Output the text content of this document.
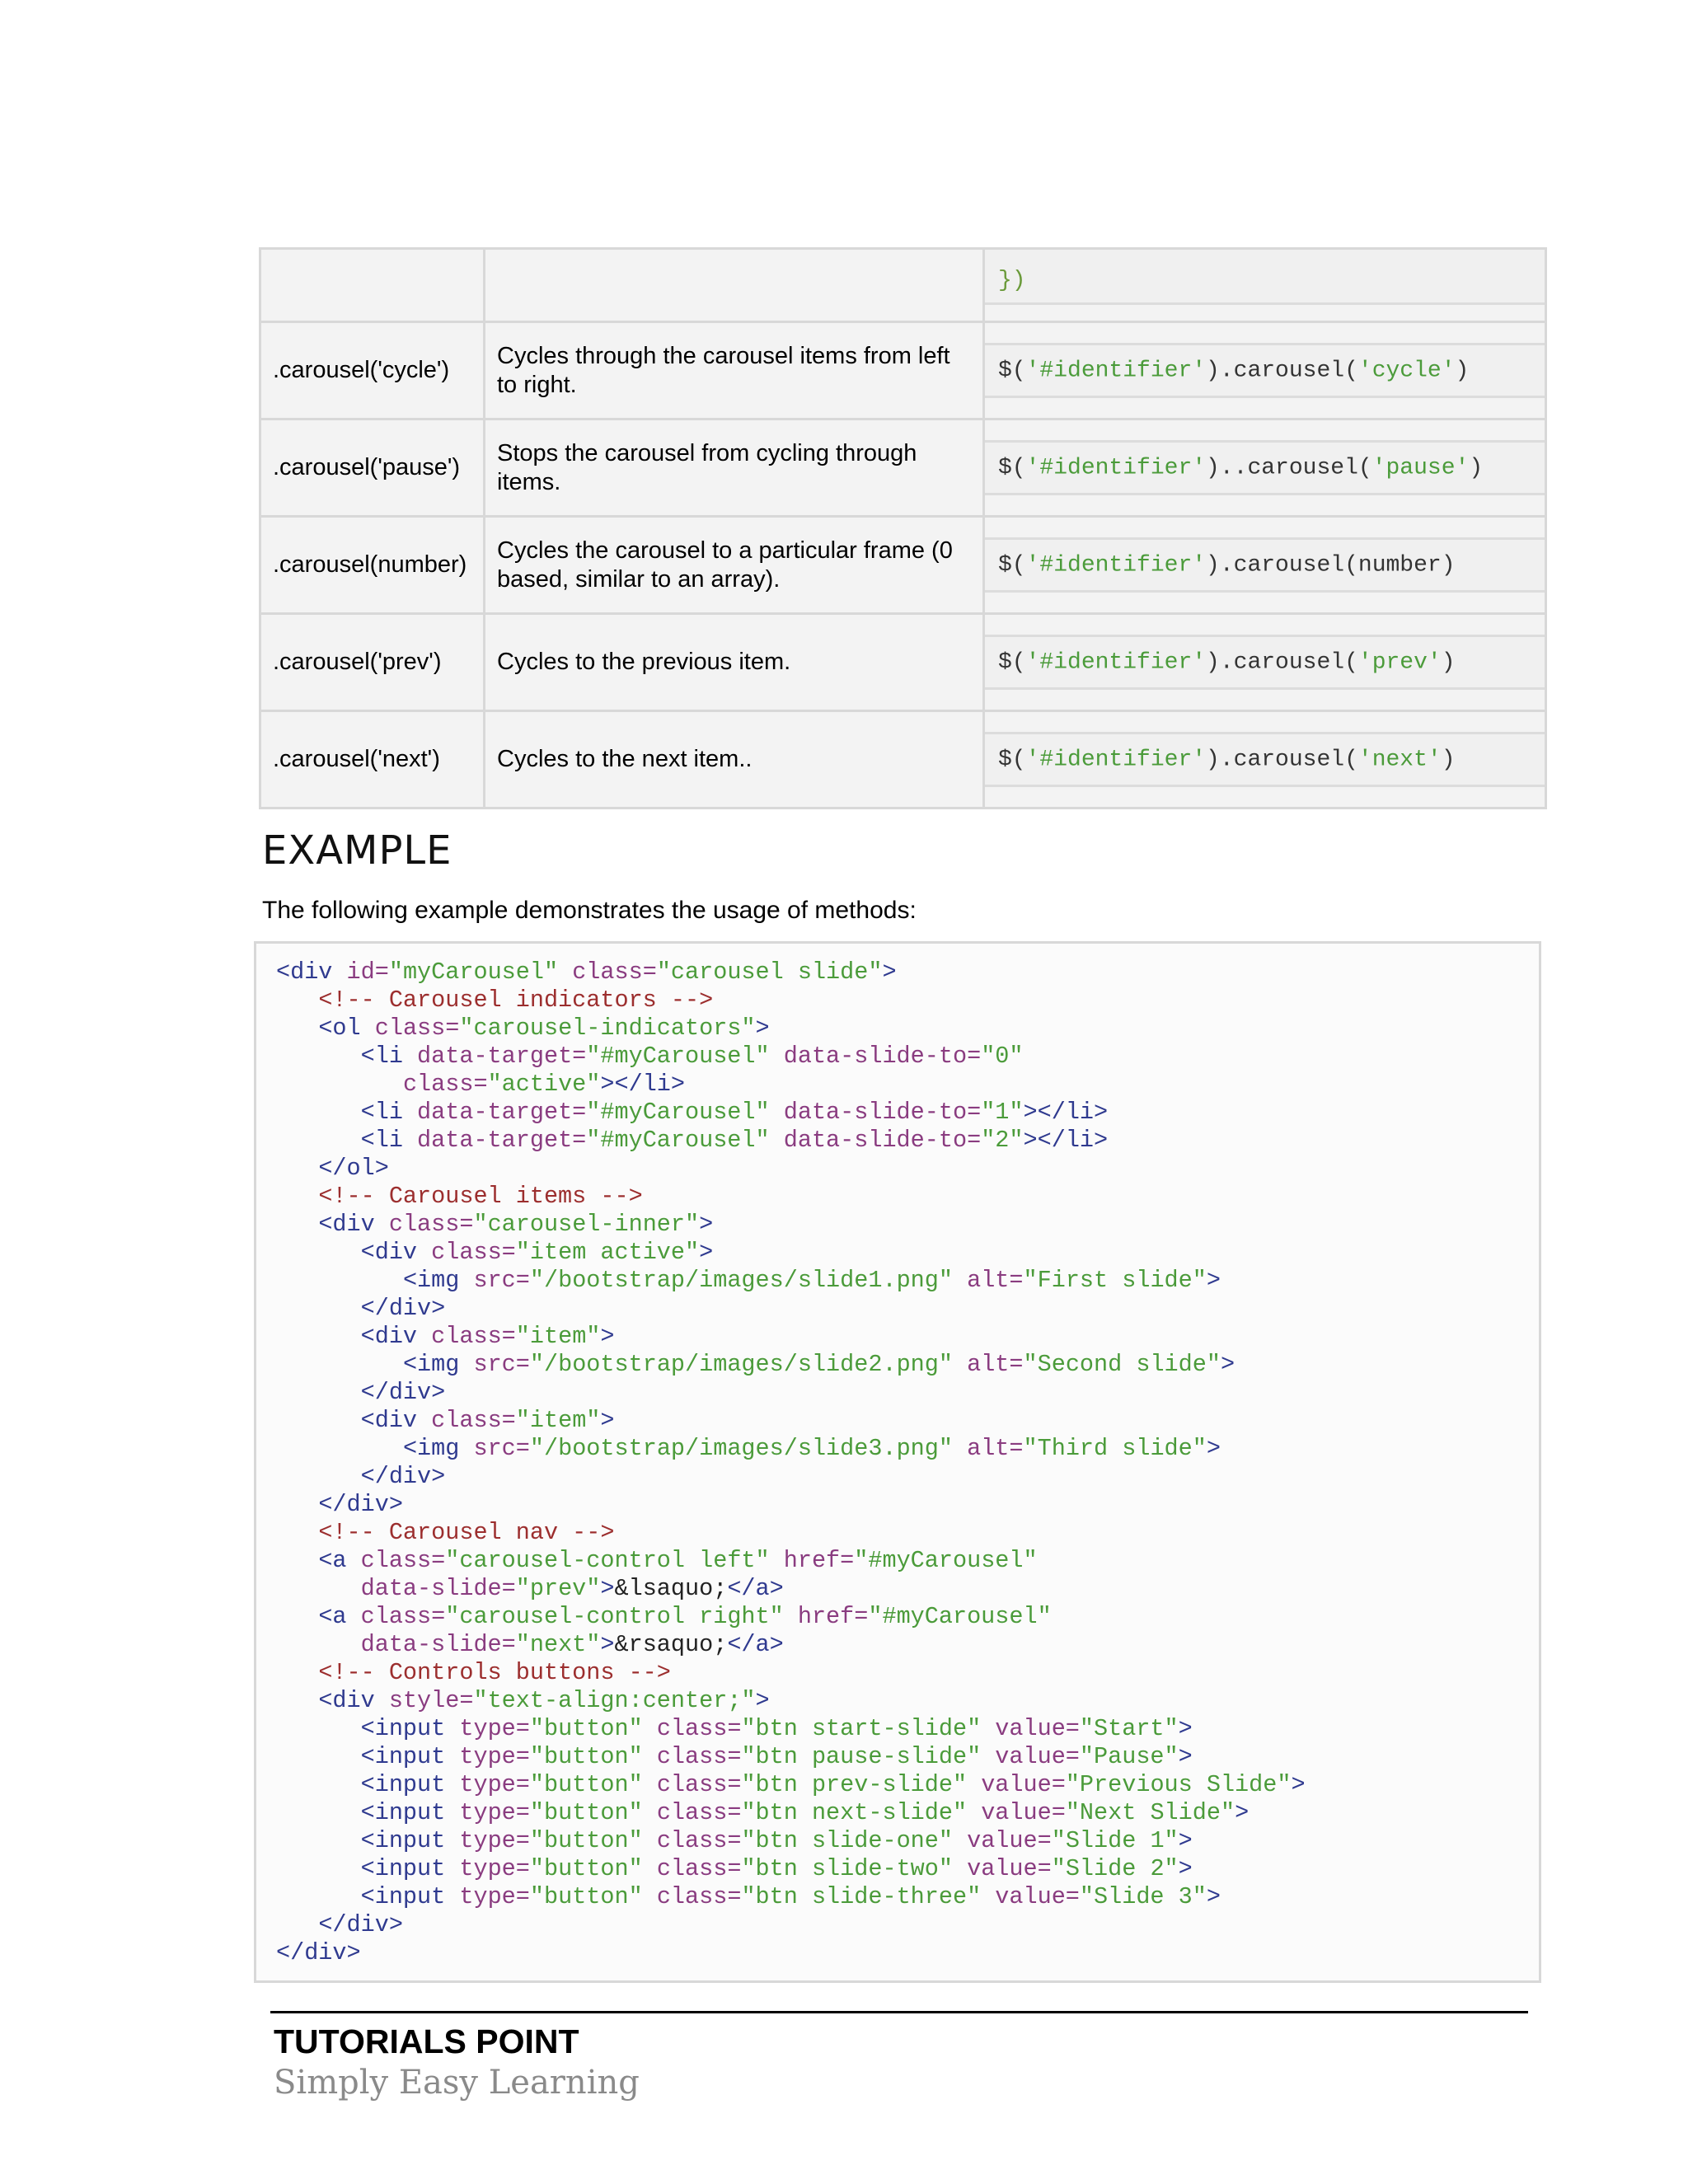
		})

.carousel('cycle')	Cycles through the carousel items from left to right.	$('#identifier').carousel('cycle')

.carousel('pause')	Stops the carousel from cycling through items.	$('#identifier')..carousel('pause')

.carousel(number)	Cycles the carousel to a particular frame (0 based, similar to an array).	$('#identifier').carousel(number)

.carousel('prev')	Cycles to the previous item.	$('#identifier').carousel('prev')

.carousel('next')	Cycles to the next item..	$('#identifier').carousel('next')
EXAMPLE

The following example demonstrates the usage of methods:

<div id="myCarousel" class="carousel slide">
<!-- Carousel indicators -->
<ol class="carousel-indicators">
<li data-target="#myCarousel" data-slide-to="0"
class="active"></li>
<li data-target="#myCarousel" data-slide-to="1"></li>
<li data-target="#myCarousel" data-slide-to="2"></li>
</ol>
<!-- Carousel items -->
<div class="carousel-inner">
<div class="item active">
<img src="/bootstrap/images/slide1.png" alt="First slide">
</div>
<div class="item">
<img src="/bootstrap/images/slide2.png" alt="Second slide">
</div>
<div class="item">
<img src="/bootstrap/images/slide3.png" alt="Third slide">
</div>
</div>
<!-- Carousel nav -->
<a class="carousel-control left" href="#myCarousel"
data-slide="prev">&lsaquo;</a>
<a class="carousel-control right" href="#myCarousel"
data-slide="next">&rsaquo;</a>
<!-- Controls buttons -->
<div style="text-align:center;">
<input type="button" class="btn start-slide" value="Start">
<input type="button" class="btn pause-slide" value="Pause">
<input type="button" class="btn prev-slide" value="Previous Slide">
<input type="button" class="btn next-slide" value="Next Slide">
<input type="button" class="btn slide-one" value="Slide 1">
<input type="button" class="btn slide-two" value="Slide 2">
<input type="button" class="btn slide-three" value="Slide 3">
</div>
</div>

TUTORIALS POINT

Simply Easy Learning
